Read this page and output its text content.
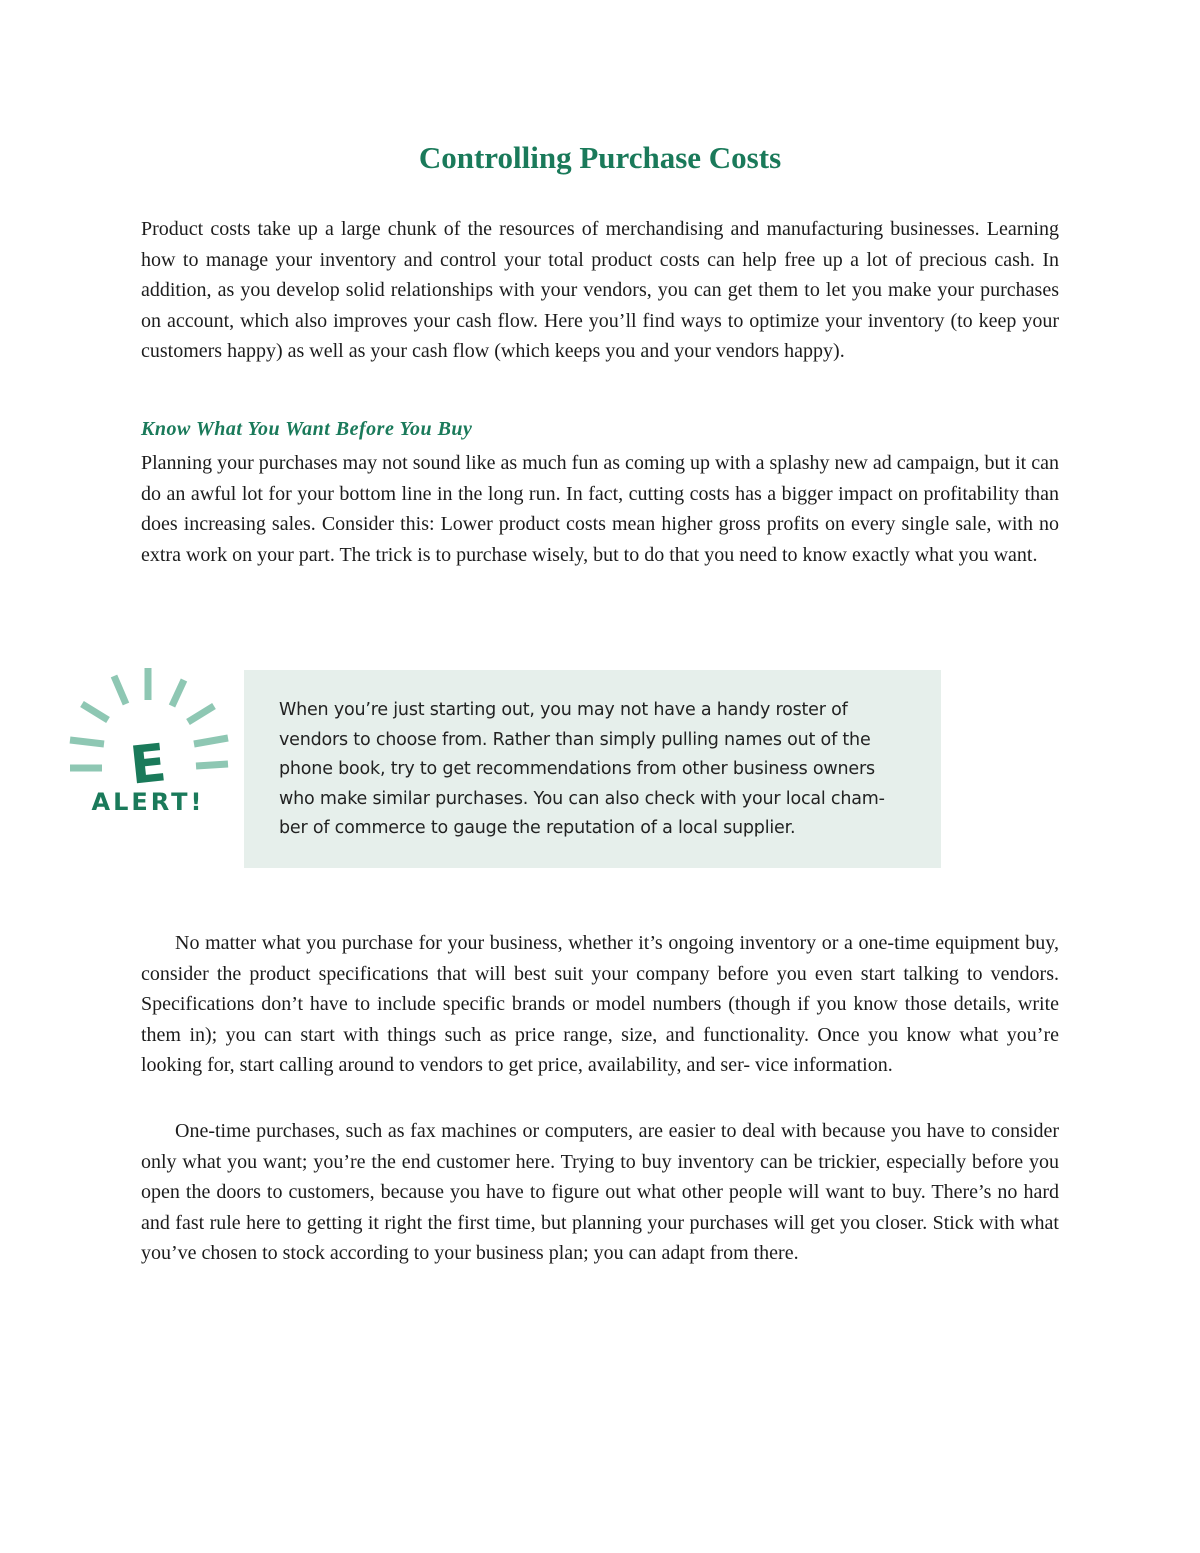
Controlling Purchase Costs

Product costs take up a large chunk of the resources of merchandising and manufacturing businesses. Learning how to manage your inventory and control your total product costs can help free up a lot of precious cash. In addition, as you develop solid relationships with your vendors, you can get them to let you make your purchases on account, which also improves your cash flow. Here you’ll find ways to optimize your inventory (to keep your customers happy) as well as your cash flow (which keeps you and your vendors happy).

Know What You Want Before You Buy

Planning your purchases may not sound like as much fun as coming up with a splashy new ad campaign, but it can do an awful lot for your bottom line in the long run. In fact, cutting costs has a bigger impact on profitability than does increasing sales. Consider this: Lower product costs mean higher gross profits on every single sale, with no extra work on your part. The trick is to purchase wisely, but to do that you need to know exactly what you want.

E
ALERT!

When you’re just starting out, you may not have a handy roster of vendors to choose from. Rather than simply pulling names out of the phone book, try to get recommendations from other business owners who make similar purchases. You can also check with your local cham- ber of commerce to gauge the reputation of a local supplier.

No matter what you purchase for your business, whether it’s ongoing inventory or a one-time equipment buy, consider the product specifications that will best suit your company before you even start talking to vendors. Specifications don’t have to include specific brands or model numbers (though if you know those details, write them in); you can start with things such as price range, size, and functionality. Once you know what you’re looking for, start calling around to vendors to get price, availability, and ser- vice information.

One-time purchases, such as fax machines or computers, are easier to deal with because you have to consider only what you want; you’re the end customer here. Trying to buy inventory can be trickier, especially before you open the doors to customers, because you have to figure out what other people will want to buy. There’s no hard and fast rule here to getting it right the first time, but planning your purchases will get you closer. Stick with what you’ve chosen to stock according to your business plan; you can adapt from there.
